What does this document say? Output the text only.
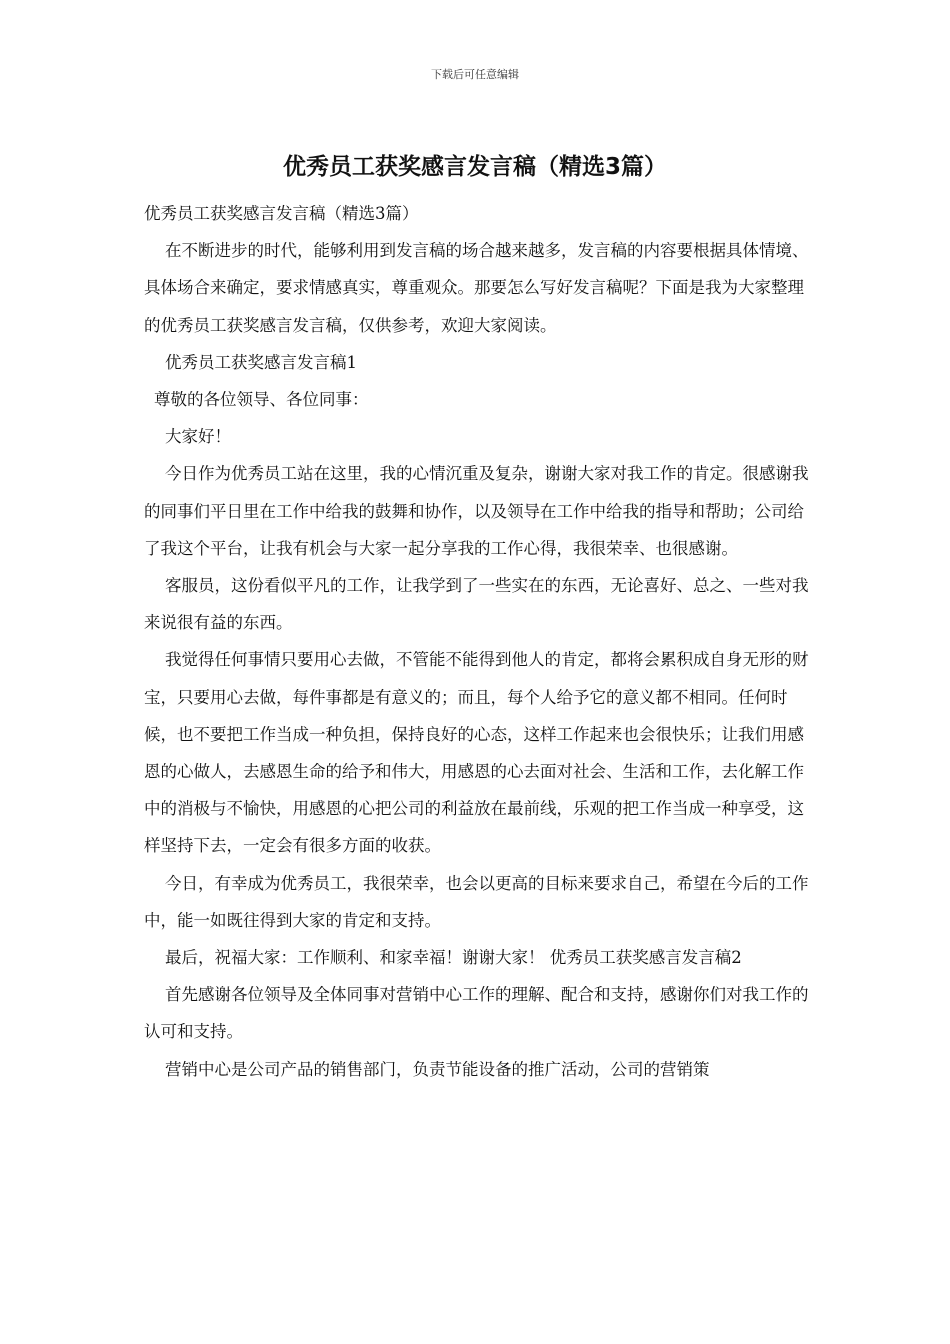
下载后可任意编辑
优秀员工获奖感言发言稿（精选3篇）

优秀员工获奖感言发言稿（精选3篇）

在不断进步的时代，能够利用到发言稿的场合越来越多，发言稿的内容要根据具体情境、具体场合来确定，要求情感真实，尊重观众。那要怎么写好发言稿呢？下面是我为大家整理的优秀员工获奖感言发言稿，仅供参考，欢迎大家阅读。

优秀员工获奖感言发言稿1

尊敬的各位领导、各位同事：

大家好！

今日作为优秀员工站在这里，我的心情沉重及复杂，谢谢大家对我工作的肯定。很感谢我的同事们平日里在工作中给我的鼓舞和协作，以及领导在工作中给我的指导和帮助；公司给了我这个平台，让我有机会与大家一起分享我的工作心得，我很荣幸、也很感谢。

客服员，这份看似平凡的工作，让我学到了一些实在的东西，无论喜好、总之、一些对我来说很有益的东西。

我觉得任何事情只要用心去做，不管能不能得到他人的肯定，都将会累积成自身无形的财宝，只要用心去做，每件事都是有意义的；而且，每个人给予它的意义都不相同。任何时候，也不要把工作当成一种负担，保持良好的心态，这样工作起来也会很快乐；让我们用感恩的心做人，去感恩生命的给予和伟大，用感恩的心去面对社会、生活和工作，去化解工作中的消极与不愉快，用感恩的心把公司的利益放在最前线，乐观的把工作当成一种享受，这样坚持下去，一定会有很多方面的收获。

今日，有幸成为优秀员工，我很荣幸，也会以更高的目标来要求自己，希望在今后的工作中，能一如既往得到大家的肯定和支持。

最后，祝福大家：工作顺利、和家幸福！谢谢大家！ 优秀员工获奖感言发言稿2

首先感谢各位领导及全体同事对营销中心工作的理解、配合和支持，感谢你们对我工作的认可和支持。

营销中心是公司产品的销售部门，负责节能设备的推广活动，公司的营销策
